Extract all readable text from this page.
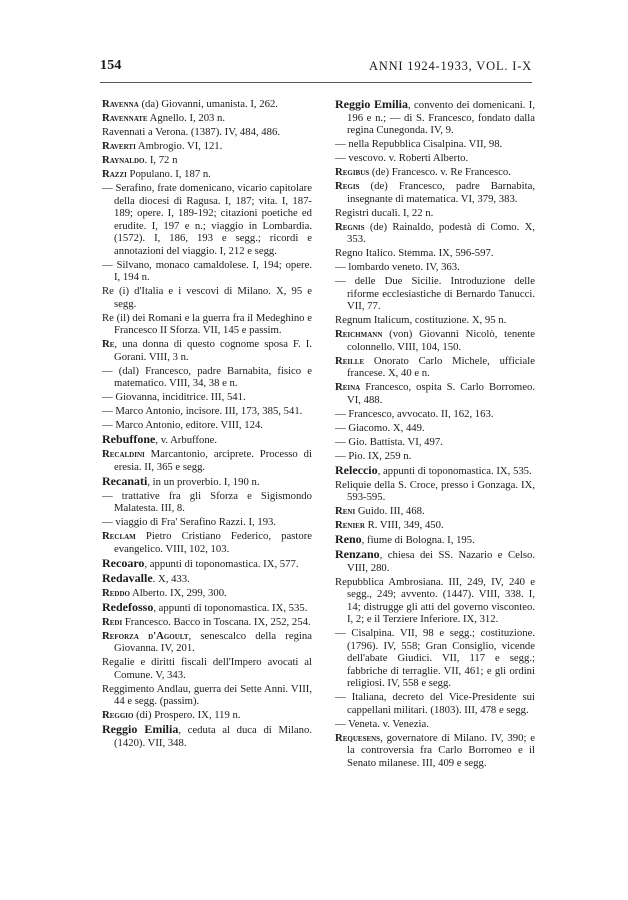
154	ANNI 1924-1933, VOL. I-X
Ravenna (da) Giovanni, umanista. I, 262.
Ravennate Agnello. I, 203 n.
Ravennati a Verona. (1387). IV, 484, 486.
Raverti Ambrogio. VI, 121.
Raynaldo. I, 72 n
Razzi Populano. I, 187 n.
— Serafino, frate domenicano, vicario capitolare della diocesi di Ragusa. I, 187; vita. I, 187-189; opere. I, 189-192; citazioni poetiche ed erudite. I, 197 e n.; viaggio in Lombardia. (1572). I, 186, 193 e segg.; ricordi e annotazioni del viaggio. I, 212 e segg.
— Silvano, monaco camaldolese. I, 194; opere. I, 194 n.
Re (i) d'Italia e i vescovi di Milano. X, 95 e segg.
Re (il) dei Romani e la guerra fra il Medeghino e Francesco II Sforza. VII, 145 e passim.
Re, una donna di questo cognome sposa F. I. Gorani. VIII, 3 n.
— (dal) Francesco, padre Barnabita, fisico e matematico. VIII, 34, 38 e n.
— Giovanna, inciditrice. III, 541.
— Marco Antonio, incisore. III, 173, 385, 541.
— Marco Antonio, editore. VIII, 124.
Rebuffone, v. Arbuffone.
Recaldini Marcantonio, arciprete. Processo di eresia. II, 365 e segg.
Recanati, in un proverbio. I, 190 n.
— trattative fra gli Sforza e Sigismondo Malatesta. III, 8.
— viaggio di Fra' Serafino Razzi. I, 193.
Reclam Pietro Cristiano Federico, pastore evangelico. VIII, 102, 103.
Recoaro, appunti di toponomastica. IX, 577.
Redavalle. X, 433.
Reddo Alberto. IX, 299, 300.
Redefosso, appunti di toponomastica. IX, 535.
Redi Francesco. Bacco in Toscana. IX, 252, 254.
Reforza d'Agoult, senescalco della regina Giovanna. IV, 201.
Regalie e diritti fiscali dell'Impero avocati al Comune. V, 343.
Reggimento Andlau, guerra dei Sette Anni. VIII, 44 e segg. (passim).
Reggio (di) Prospero. IX, 119 n.
Reggio Emilia, ceduta al duca di Milano. (1420). VII, 348.
Reggio Emilia, convento dei domenicani. I, 196 e n.; — di S. Francesco, fondato dalla regina Cunegonda. IV, 9.
— nella Repubblica Cisalpina. VII, 98.
— vescovo. v. Roberti Alberto.
Regibus (de) Francesco. v. Re Francesco.
Regis (de) Francesco, padre Barnabita, insegnante di matematica. VI, 379, 383.
Registri ducali. I, 22 n.
Regnis (de) Rainaldo, podestà di Como. X, 353.
Regno Italico. Stemma. IX, 596-597.
— lombardo veneto. IV, 363.
— delle Due Sicilie. Introduzione delle riforme ecclesiastiche di Bernardo Tanucci. VII, 77.
Regnum Italicum, costituzione. X, 95 n.
Reichmann (von) Giovanni Nicolò, tenente colonnello. VIII, 104, 150.
Reille Onorato Carlo Michele, ufficiale francese. X, 40 e n.
Reina Francesco, ospita S. Carlo Borromeo. VI, 488.
— Francesco, avvocato. II, 162, 163.
— Giacomo. X, 449.
— Gio. Battista. VI, 497.
— Pio. IX, 259 n.
Releccio, appunti di toponomastica. IX, 535.
Reliquie della S. Croce, presso i Gonzaga. IX, 593-595.
Reni Guido. III, 468.
Renier R. VIII, 349, 450.
Reno, fiume di Bologna. I, 195.
Renzano, chiesa dei SS. Nazario e Celso. VIII, 280.
Repubblica Ambrosiana. III, 249, IV, 240 e segg., 249; avvento. (1447). VIII, 338. I, 14; distrugge gli atti del governo visconteo. I, 2; e il Terziere Inferiore. IX, 312.
— Cisalpina. VII, 98 e segg.; costituzione. (1796). IV, 558; Gran Consiglio, vicende dell'abate Giudici. VII, 117 e segg.; fabbriche di terraglie. VII, 461; e gli ordini religiosi. IV, 558 e segg.
— Italiana, decreto del Vice-Presidente sui cappellani militari. (1803). III, 478 e segg.
— Veneta. v. Venezia.
Requesens, governatore di Milano. IV, 390; e la controversia fra Carlo Borromeo e il Senato milanese. III, 409 e segg.
